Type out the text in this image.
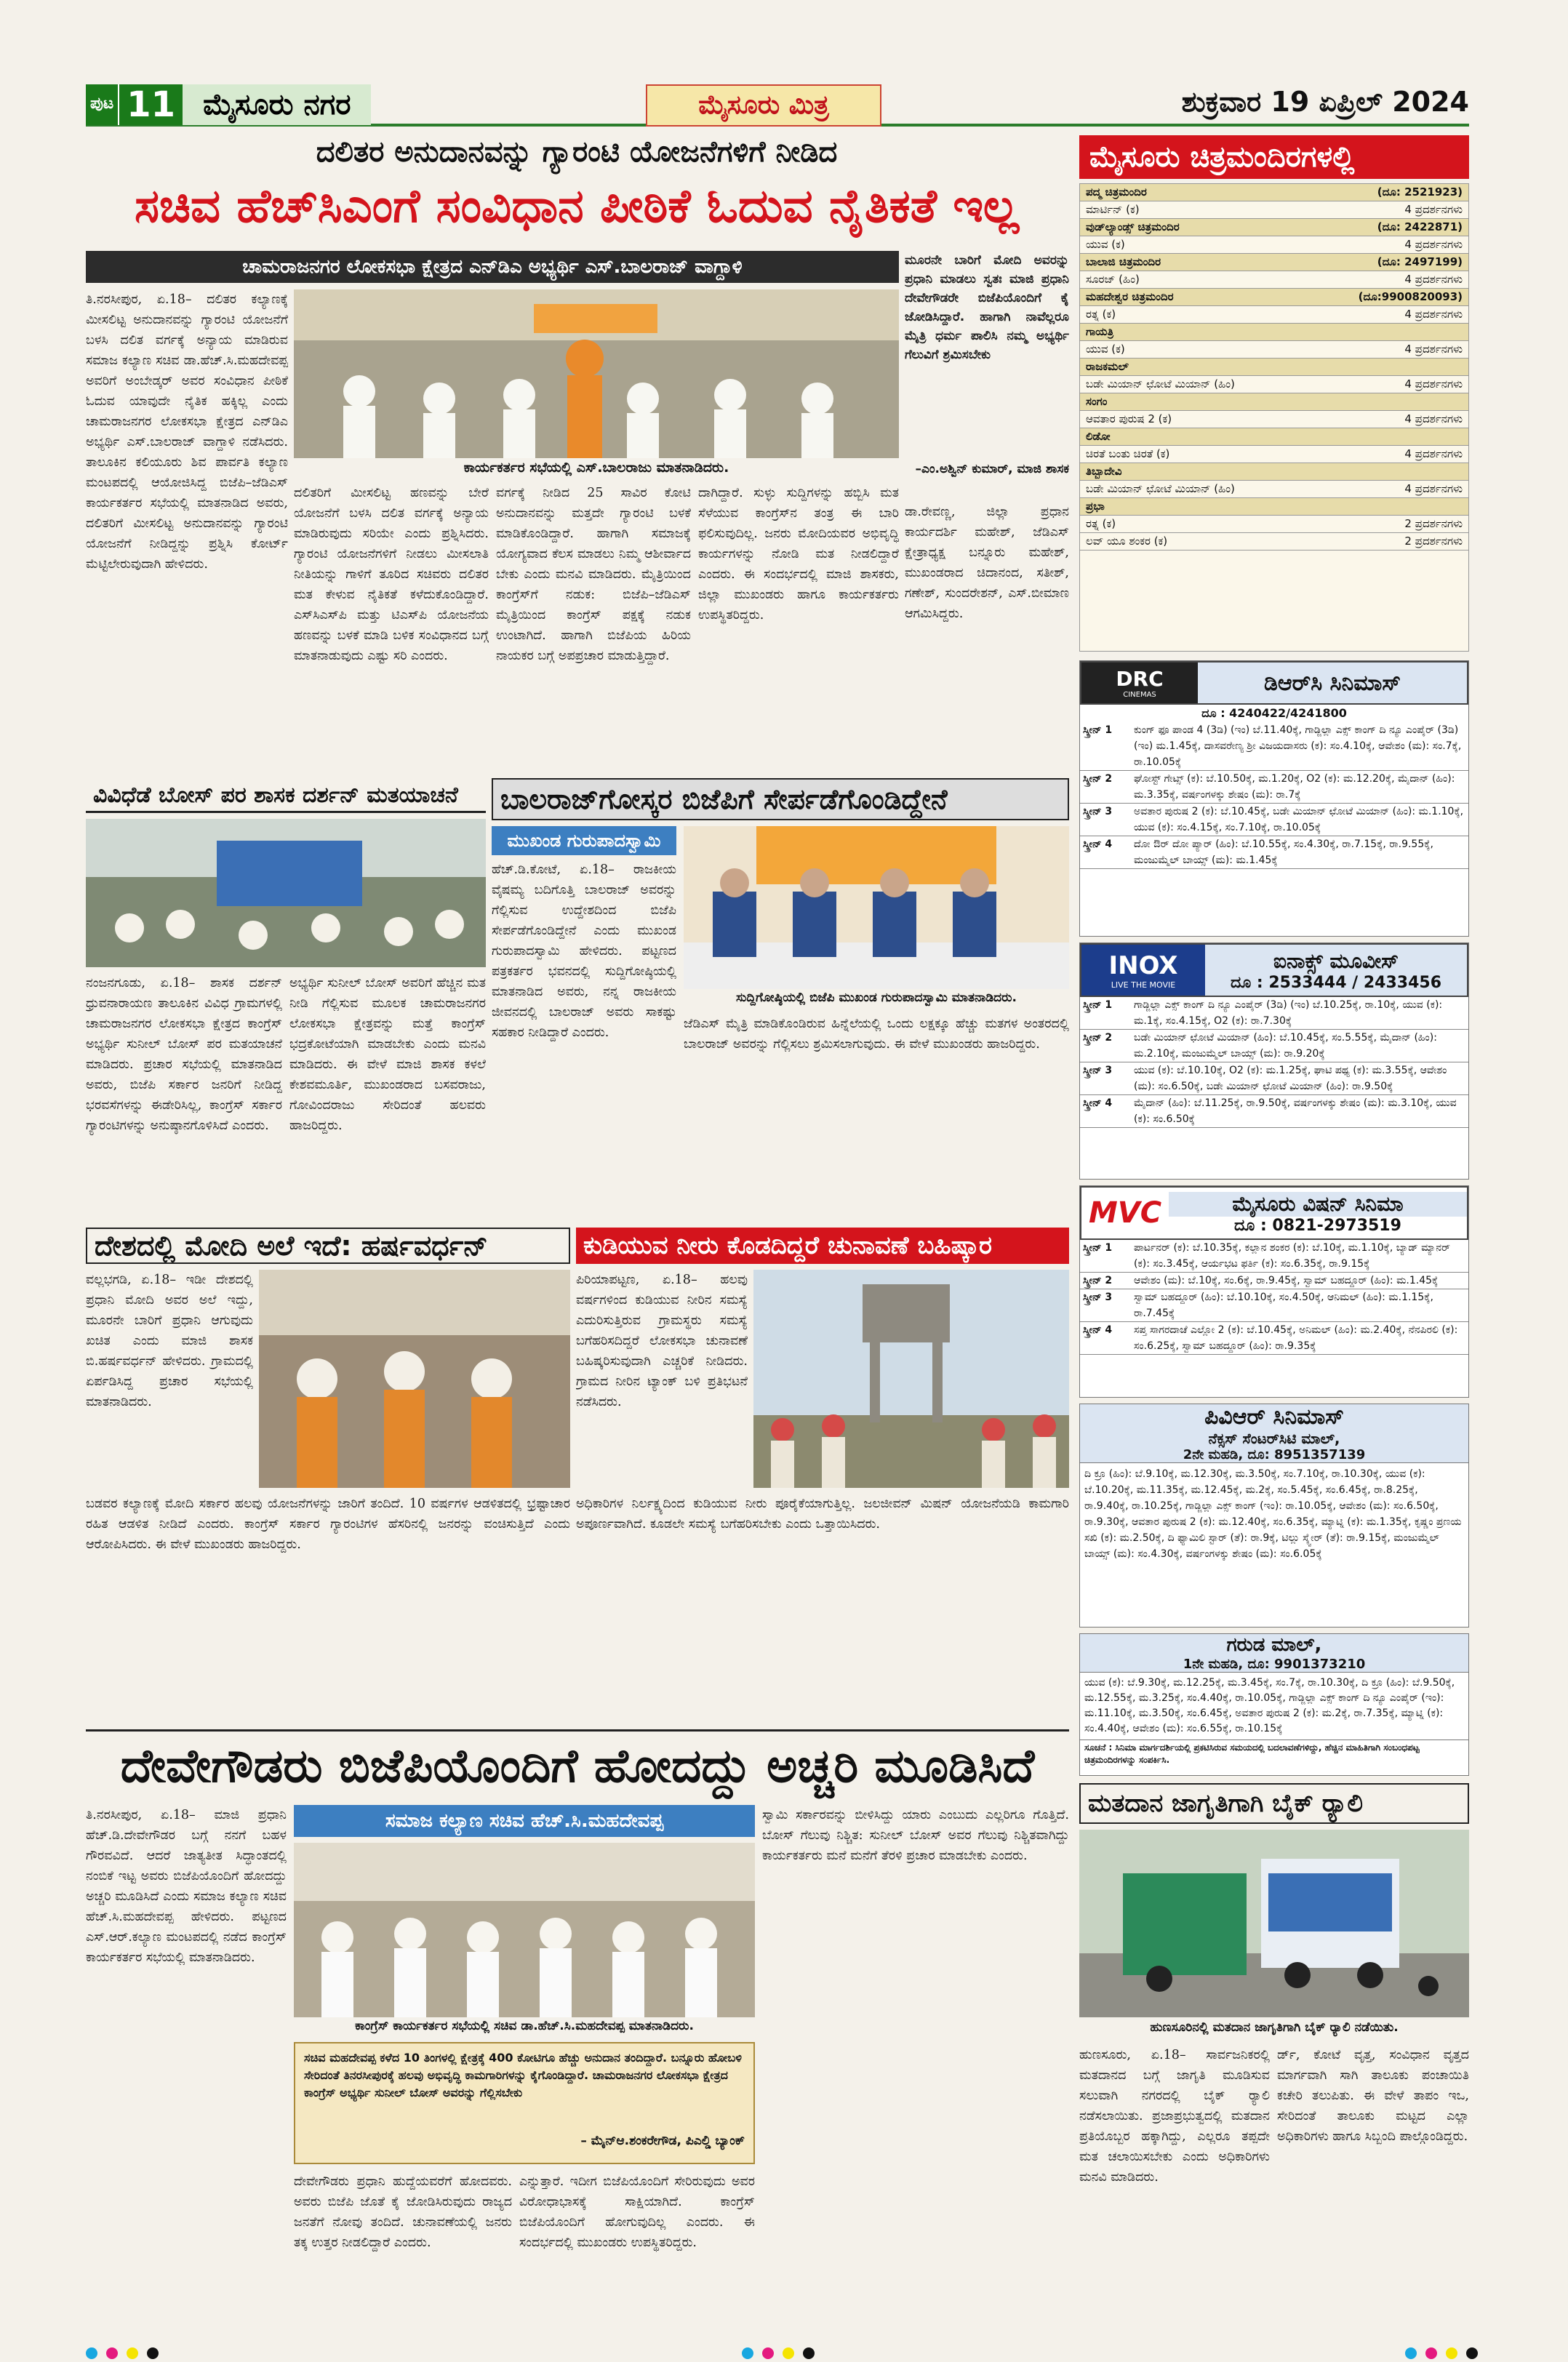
ಪುಟ 11 ಮೈಸೂರು ನಗರ	ಮೈಸೂರು ಮಿತ್ರ	ಶುಕ್ರವಾರ 19 ಏಪ್ರಿಲ್ 2024
ದಲಿತರ ಅನುದಾನವನ್ನು ಗ್ಯಾರಂಟಿ ಯೋಜನೆಗಳಿಗೆ ನೀಡಿದ
ಸಚಿವ ಹೆಚ್‌ಸಿಎಂಗೆ ಸಂವಿಧಾನ ಪೀಠಿಕೆ ಓದುವ ನೈತಿಕತೆ ಇಲ್ಲ
ಚಾಮರಾಜನಗರ ಲೋಕಸಭಾ ಕ್ಷೇತ್ರದ ಎನ್‌ಡಿಎ ಅಭ್ಯರ್ಥಿ ಎಸ್.ಬಾಲರಾಜ್ ವಾಗ್ದಾಳಿ
ತಿ.ನರಸೀಪುರ, ಏ.18– ದಲಿತರ ಕಲ್ಯಾಣಕ್ಕೆ ಮೀಸಲಿಟ್ಟ ಅನುದಾನವನ್ನು ಗ್ಯಾರಂಟಿ ಯೋಜನೆಗೆ ಬಳಸಿ ದಲಿತ ವರ್ಗಕ್ಕೆ ಅನ್ಯಾಯ ಮಾಡಿರುವ ಸಮಾಜ ಕಲ್ಯಾಣ ಸಚಿವ ಡಾ.ಹೆಚ್.ಸಿ.ಮಹದೇವಪ್ಪ ಅವರಿಗೆ ಅಂಬೇಡ್ಕರ್ ಅವರ ಸಂವಿಧಾನ ಪೀಠಿಕೆ ಓದುವ ಯಾವುದೇ ನೈತಿಕ ಹಕ್ಕಿಲ್ಲ ಎಂದು ಚಾಮರಾಜನಗರ ಲೋಕಸಭಾ ಕ್ಷೇತ್ರದ ಎನ್‌ಡಿಎ ಅಭ್ಯರ್ಥಿ ಎಸ್.ಬಾಲರಾಜ್ ವಾಗ್ದಾಳಿ ನಡೆಸಿದರು. ತಾಲೂಕಿನ ಕಲಿಯೂರು ಶಿವ ಪಾರ್ವತಿ ಕಲ್ಯಾಣ ಮಂಟಪದಲ್ಲಿ ಆಯೋಜಿಸಿದ್ದ ಬಿಜೆಪಿ–ಜೆಡಿಎಸ್ ಕಾರ್ಯಕರ್ತರ ಸಭೆಯಲ್ಲಿ ಮಾತನಾಡಿದ ಅವರು, ದಲಿತರಿಗೆ ಮೀಸಲಿಟ್ಟ ಅನುದಾನವನ್ನು ಗ್ಯಾರಂಟಿ ಯೋಜನೆಗೆ ನೀಡಿದ್ದನ್ನು ಪ್ರಶ್ನಿಸಿ ಕೋರ್ಟ್ ಮೆಟ್ಟಿಲೇರುವುದಾಗಿ ಹೇಳಿದರು.
ಕಾರ್ಯಕರ್ತರ ಸಭೆಯಲ್ಲಿ ಎಸ್.ಬಾಲರಾಜು ಮಾತನಾಡಿದರು.
ದಲಿತರಿಗೆ ಮೀಸಲಿಟ್ಟ ಹಣವನ್ನು ಬೇರೆ ಯೋಜನೆಗೆ ಬಳಸಿ ದಲಿತ ವರ್ಗಕ್ಕೆ ಅನ್ಯಾಯ ಮಾಡಿರುವುದು ಸರಿಯೇ ಎಂದು ಪ್ರಶ್ನಿಸಿದರು. ಗ್ಯಾರಂಟಿ ಯೋಜನೆಗಳಿಗೆ ನೀಡಲು ಮೀಸಲಾತಿ ನೀತಿಯನ್ನು ಗಾಳಿಗೆ ತೂರಿದ ಸಚಿವರು ದಲಿತರ ಮತ ಕೇಳುವ ನೈತಿಕತೆ ಕಳೆದುಕೊಂಡಿದ್ದಾರೆ. ಎಸ್‌ಸಿಎಸ್‌ಪಿ ಮತ್ತು ಟಿಎಸ್‌ಪಿ ಯೋಜನೆಯ ಹಣವನ್ನು ಬಳಕೆ ಮಾಡಿ ಬಳಿಕ ಸಂವಿಧಾನದ ಬಗ್ಗೆ ಮಾತನಾಡುವುದು ಎಷ್ಟು ಸರಿ ಎಂದರು.
ವರ್ಗಕ್ಕೆ ನೀಡಿದ 25 ಸಾವಿರ ಕೋಟಿ ಅನುದಾನವನ್ನು ಮತ್ತದೇ ಗ್ಯಾರಂಟಿ ಬಳಕೆ ಮಾಡಿಕೊಂಡಿದ್ದಾರೆ. ಹಾಗಾಗಿ ಸಮಾಜಕ್ಕೆ ಯೋಗ್ಯವಾದ ಕೆಲಸ ಮಾಡಲು ನಿಮ್ಮ ಆಶೀರ್ವಾದ ಬೇಕು ಎಂದು ಮನವಿ ಮಾಡಿದರು. ಮೈತ್ರಿಯಿಂದ ಕಾಂಗ್ರೆಸ್‌ಗೆ ನಡುಕ: ಬಿಜೆಪಿ–ಜೆಡಿಎಸ್ ಮೈತ್ರಿಯಿಂದ ಕಾಂಗ್ರೆಸ್ ಪಕ್ಷಕ್ಕೆ ನಡುಕ ಉಂಟಾಗಿದೆ. ಹಾಗಾಗಿ ಬಿಜೆಪಿಯ ಹಿರಿಯ ನಾಯಕರ ಬಗ್ಗೆ ಅಪಪ್ರಚಾರ ಮಾಡುತ್ತಿದ್ದಾರೆ.
ದಾಗಿದ್ದಾರೆ. ಸುಳ್ಳು ಸುದ್ದಿಗಳನ್ನು ಹಬ್ಬಿಸಿ ಮತ ಸೆಳೆಯುವ ಕಾಂಗ್ರೆಸ್‌ನ ತಂತ್ರ ಈ ಬಾರಿ ಫಲಿಸುವುದಿಲ್ಲ. ಜನರು ಮೋದಿಯವರ ಅಭಿವೃದ್ಧಿ ಕಾರ್ಯಗಳನ್ನು ನೋಡಿ ಮತ ನೀಡಲಿದ್ದಾರೆ ಎಂದರು. ಈ ಸಂದರ್ಭದಲ್ಲಿ ಮಾಜಿ ಶಾಸಕರು, ಜಿಲ್ಲಾ ಮುಖಂಡರು ಹಾಗೂ ಕಾರ್ಯಕರ್ತರು ಉಪಸ್ಥಿತರಿದ್ದರು.
ಮೂರನೇ ಬಾರಿಗೆ ಮೋದಿ ಅವರನ್ನು ಪ್ರಧಾನಿ ಮಾಡಲು ಸ್ವತಃ ಮಾಜಿ ಪ್ರಧಾನಿ ದೇವೇಗೌಡರೇ ಬಿಜೆಪಿಯೊಂದಿಗೆ ಕೈ ಜೋಡಿಸಿದ್ದಾರೆ. ಹಾಗಾಗಿ ನಾವೆಲ್ಲರೂ ಮೈತ್ರಿ ಧರ್ಮ ಪಾಲಿಸಿ ನಮ್ಮ ಅಭ್ಯರ್ಥಿ ಗೆಲುವಿಗೆ ಶ್ರಮಿಸಬೇಕು
–ಎಂ.ಅಶ್ವಿನ್ ಕುಮಾರ್, ಮಾಜಿ ಶಾಸಕ
ಡಾ.ರೇವಣ್ಣ, ಜಿಲ್ಲಾ ಪ್ರಧಾನ ಕಾರ್ಯದರ್ಶಿ ಮಹೇಶ್, ಜೆಡಿಎಸ್ ಕ್ಷೇತ್ರಾಧ್ಯಕ್ಷ ಬನ್ನೂರು ಮಹೇಶ್, ಮುಖಂಡರಾದ ಚಿದಾನಂದ, ಸತೀಶ್, ಗಣೇಶ್, ಸುಂದರೇಶನ್, ಎಸ್.ಬೀಮಾಣ ಆಗಮಿಸಿದ್ದರು.
ವಿವಿಧೆಡೆ ಬೋಸ್ ಪರ ಶಾಸಕ ದರ್ಶನ್ ಮತಯಾಚನೆ
ನಂಜನಗೂಡು, ಏ.18– ಶಾಸಕ ದರ್ಶನ್ ಧ್ರುವನಾರಾಯಣ ತಾಲೂಕಿನ ವಿವಿಧ ಗ್ರಾಮಗಳಲ್ಲಿ ಚಾಮರಾಜನಗರ ಲೋಕಸಭಾ ಕ್ಷೇತ್ರದ ಕಾಂಗ್ರೆಸ್ ಅಭ್ಯರ್ಥಿ ಸುನೀಲ್ ಬೋಸ್ ಪರ ಮತಯಾಚನೆ ಮಾಡಿದರು. ಪ್ರಚಾರ ಸಭೆಯಲ್ಲಿ ಮಾತನಾಡಿದ ಅವರು, ಬಿಜೆಪಿ ಸರ್ಕಾರ ಜನರಿಗೆ ನೀಡಿದ್ದ ಭರವಸೆಗಳನ್ನು ಈಡೇರಿಸಿಲ್ಲ, ಕಾಂಗ್ರೆಸ್ ಸರ್ಕಾರ ಗ್ಯಾರಂಟಿಗಳನ್ನು ಅನುಷ್ಠಾನಗೊಳಿಸಿದೆ ಎಂದರು.
ಅಭ್ಯರ್ಥಿ ಸುನೀಲ್ ಬೋಸ್ ಅವರಿಗೆ ಹೆಚ್ಚಿನ ಮತ ನೀಡಿ ಗೆಲ್ಲಿಸುವ ಮೂಲಕ ಚಾಮರಾಜನಗರ ಲೋಕಸಭಾ ಕ್ಷೇತ್ರವನ್ನು ಮತ್ತೆ ಕಾಂಗ್ರೆಸ್ ಭದ್ರಕೋಟೆಯಾಗಿ ಮಾಡಬೇಕು ಎಂದು ಮನವಿ ಮಾಡಿದರು. ಈ ವೇಳೆ ಮಾಜಿ ಶಾಸಕ ಕಳಲೆ ಕೇಶವಮೂರ್ತಿ, ಮುಖಂಡರಾದ ಬಸವರಾಜು, ಗೋವಿಂದರಾಜು ಸೇರಿದಂತೆ ಹಲವರು ಹಾಜರಿದ್ದರು.
ಬಾಲರಾಜ್‌ಗೋಸ್ಕರ ಬಿಜೆಪಿಗೆ ಸೇರ್ಪಡೆಗೊಂಡಿದ್ದೇನೆ
ಮುಖಂಡ ಗುರುಪಾದಸ್ವಾಮಿ
ಹೆಚ್.ಡಿ.ಕೋಟೆ, ಏ.18– ರಾಜಕೀಯ ವೈಷಮ್ಯ ಬದಿಗೊತ್ತಿ ಬಾಲರಾಜ್ ಅವರನ್ನು ಗೆಲ್ಲಿಸುವ ಉದ್ದೇಶದಿಂದ ಬಿಜೆಪಿ ಸೇರ್ಪಡೆಗೊಂಡಿದ್ದೇನೆ ಎಂದು ಮುಖಂಡ ಗುರುಪಾದಸ್ವಾಮಿ ಹೇಳಿದರು. ಪಟ್ಟಣದ ಪತ್ರಕರ್ತರ ಭವನದಲ್ಲಿ ಸುದ್ದಿಗೋಷ್ಠಿಯಲ್ಲಿ ಮಾತನಾಡಿದ ಅವರು, ನನ್ನ ರಾಜಕೀಯ ಜೀವನದಲ್ಲಿ ಬಾಲರಾಜ್ ಅವರು ಸಾಕಷ್ಟು ಸಹಕಾರ ನೀಡಿದ್ದಾರೆ ಎಂದರು.
ಸುದ್ದಿಗೋಷ್ಠಿಯಲ್ಲಿ ಬಿಜೆಪಿ ಮುಖಂಡ ಗುರುಪಾದಸ್ವಾಮಿ ಮಾತನಾಡಿದರು.
ಜೆಡಿಎಸ್ ಮೈತ್ರಿ ಮಾಡಿಕೊಂಡಿರುವ ಹಿನ್ನೆಲೆಯಲ್ಲಿ ಒಂದು ಲಕ್ಷಕ್ಕೂ ಹೆಚ್ಚು ಮತಗಳ ಅಂತರದಲ್ಲಿ ಬಾಲರಾಜ್ ಅವರನ್ನು ಗೆಲ್ಲಿಸಲು ಶ್ರಮಿಸಲಾಗುವುದು. ಈ ವೇಳೆ ಮುಖಂಡರು ಹಾಜರಿದ್ದರು.
ದೇಶದಲ್ಲಿ ಮೋದಿ ಅಲೆ ಇದೆ: ಹರ್ಷವರ್ಧನ್
ವಲ್ಲಭಗಡಿ, ಏ.18– ಇಡೀ ದೇಶದಲ್ಲಿ ಪ್ರಧಾನಿ ಮೋದಿ ಅವರ ಅಲೆ ಇದ್ದು, ಮೂರನೇ ಬಾರಿಗೆ ಪ್ರಧಾನಿ ಆಗುವುದು ಖಚಿತ ಎಂದು ಮಾಜಿ ಶಾಸಕ ಬಿ.ಹರ್ಷವರ್ಧನ್ ಹೇಳಿದರು. ಗ್ರಾಮದಲ್ಲಿ ಏರ್ಪಡಿಸಿದ್ದ ಪ್ರಚಾರ ಸಭೆಯಲ್ಲಿ ಮಾತನಾಡಿದರು.
ಬಡವರ ಕಲ್ಯಾಣಕ್ಕೆ ಮೋದಿ ಸರ್ಕಾರ ಹಲವು ಯೋಜನೆಗಳನ್ನು ಜಾರಿಗೆ ತಂದಿದೆ. 10 ವರ್ಷಗಳ ಆಡಳಿತದಲ್ಲಿ ಭ್ರಷ್ಟಾಚಾರ ರಹಿತ ಆಡಳಿತ ನೀಡಿದೆ ಎಂದರು. ಕಾಂಗ್ರೆಸ್ ಸರ್ಕಾರ ಗ್ಯಾರಂಟಿಗಳ ಹೆಸರಿನಲ್ಲಿ ಜನರನ್ನು ವಂಚಿಸುತ್ತಿದೆ ಎಂದು ಆರೋಪಿಸಿದರು. ಈ ವೇಳೆ ಮುಖಂಡರು ಹಾಜರಿದ್ದರು.
ಕುಡಿಯುವ ನೀರು ಕೊಡದಿದ್ದರೆ ಚುನಾವಣೆ ಬಹಿಷ್ಕಾರ
ಪಿರಿಯಾಪಟ್ಟಣ, ಏ.18– ಹಲವು ವರ್ಷಗಳಿಂದ ಕುಡಿಯುವ ನೀರಿನ ಸಮಸ್ಯೆ ಎದುರಿಸುತ್ತಿರುವ ಗ್ರಾಮಸ್ಥರು ಸಮಸ್ಯೆ ಬಗೆಹರಿಸದಿದ್ದರೆ ಲೋಕಸಭಾ ಚುನಾವಣೆ ಬಹಿಷ್ಕರಿಸುವುದಾಗಿ ಎಚ್ಚರಿಕೆ ನೀಡಿದರು. ಗ್ರಾಮದ ನೀರಿನ ಟ್ಯಾಂಕ್ ಬಳಿ ಪ್ರತಿಭಟನೆ ನಡೆಸಿದರು.
ಅಧಿಕಾರಿಗಳ ನಿರ್ಲಕ್ಷ್ಯದಿಂದ ಕುಡಿಯುವ ನೀರು ಪೂರೈಕೆಯಾಗುತ್ತಿಲ್ಲ. ಜಲಜೀವನ್ ಮಿಷನ್ ಯೋಜನೆಯಡಿ ಕಾಮಗಾರಿ ಅಪೂರ್ಣವಾಗಿದೆ. ಕೂಡಲೇ ಸಮಸ್ಯೆ ಬಗೆಹರಿಸಬೇಕು ಎಂದು ಒತ್ತಾಯಿಸಿದರು.
ದೇವೇಗೌಡರು ಬಿಜೆಪಿಯೊಂದಿಗೆ ಹೋದದ್ದು ಅಚ್ಚರಿ ಮೂಡಿಸಿದೆ
ತಿ.ನರಸೀಪುರ, ಏ.18– ಮಾಜಿ ಪ್ರಧಾನಿ ಹೆಚ್.ಡಿ.ದೇವೇಗೌಡರ ಬಗ್ಗೆ ನನಗೆ ಬಹಳ ಗೌರವವಿದೆ. ಆದರೆ ಜಾತ್ಯತೀತ ಸಿದ್ಧಾಂತದಲ್ಲಿ ನಂಬಿಕೆ ಇಟ್ಟ ಅವರು ಬಿಜೆಪಿಯೊಂದಿಗೆ ಹೋದದ್ದು ಅಚ್ಚರಿ ಮೂಡಿಸಿದೆ ಎಂದು ಸಮಾಜ ಕಲ್ಯಾಣ ಸಚಿವ ಹೆಚ್.ಸಿ.ಮಹದೇವಪ್ಪ ಹೇಳಿದರು. ಪಟ್ಟಣದ ಎಸ್.ಆರ್.ಕಲ್ಯಾಣ ಮಂಟಪದಲ್ಲಿ ನಡೆದ ಕಾಂಗ್ರೆಸ್ ಕಾರ್ಯಕರ್ತರ ಸಭೆಯಲ್ಲಿ ಮಾತನಾಡಿದರು.
ಸಮಾಜ ಕಲ್ಯಾಣ ಸಚಿವ ಹೆಚ್.ಸಿ.ಮಹದೇವಪ್ಪ
ಕಾಂಗ್ರೆಸ್ ಕಾರ್ಯಕರ್ತರ ಸಭೆಯಲ್ಲಿ ಸಚಿವ ಡಾ.ಹೆಚ್.ಸಿ.ಮಹದೇವಪ್ಪ ಮಾತನಾಡಿದರು.
ಸಚಿವ ಮಹದೇವಪ್ಪ ಕಳೆದ 10 ತಿಂಗಳಲ್ಲಿ ಕ್ಷೇತ್ರಕ್ಕೆ 400 ಕೋಟಿಗೂ ಹೆಚ್ಚು ಅನುದಾನ ತಂದಿದ್ದಾರೆ. ಬನ್ನೂರು ಹೋಬಳಿ ಸೇರಿದಂತೆ ತಿನರಸೀಪುರಕ್ಕೆ ಹಲವು ಅಭಿವೃದ್ಧಿ ಕಾಮಗಾರಿಗಳನ್ನು ಕೈಗೊಂಡಿದ್ದಾರೆ. ಚಾಮರಾಜನಗರ ಲೋಕಸಭಾ ಕ್ಷೇತ್ರದ ಕಾಂಗ್ರೆಸ್ ಅಭ್ಯರ್ಥಿ ಸುನೀಲ್ ಬೋಸ್ ಅವರನ್ನು ಗೆಲ್ಲಿಸಬೇಕು
– ಮೈನ್ಆ.ಶಂಕರೇಗೌಡ, ಪಿಎಲ್ಡಿ ಬ್ಯಾಂಕ್
ದೇವೇಗೌಡರು ಪ್ರಧಾನಿ ಹುದ್ದೆಯವರೆಗೆ ಹೋದವರು. ಅವರು ಬಿಜೆಪಿ ಜೊತೆ ಕೈ ಜೋಡಿಸಿರುವುದು ರಾಜ್ಯದ ಜನತೆಗೆ ನೋವು ತಂದಿದೆ. ಚುನಾವಣೆಯಲ್ಲಿ ಜನರು ತಕ್ಕ ಉತ್ತರ ನೀಡಲಿದ್ದಾರೆ ಎಂದರು.
ಎನ್ನುತ್ತಾರೆ. ಇದೀಗ ಬಿಜೆಪಿಯೊಂದಿಗೆ ಸೇರಿರುವುದು ಅವರ ವಿರೋಧಾಭಾಸಕ್ಕೆ ಸಾಕ್ಷಿಯಾಗಿದೆ. ಕಾಂಗ್ರೆಸ್ ಬಿಜೆಪಿಯೊಂದಿಗೆ ಹೋಗುವುದಿಲ್ಲ ಎಂದರು. ಈ ಸಂದರ್ಭದಲ್ಲಿ ಮುಖಂಡರು ಉಪಸ್ಥಿತರಿದ್ದರು.
ಸ್ವಾಮಿ ಸರ್ಕಾರವನ್ನು ಬೀಳಿಸಿದ್ದು ಯಾರು ಎಂಬುದು ಎಲ್ಲರಿಗೂ ಗೊತ್ತಿದೆ. ಬೋಸ್ ಗೆಲುವು ನಿಶ್ಚಿತ: ಸುನೀಲ್ ಬೋಸ್ ಅವರ ಗೆಲುವು ನಿಶ್ಚಿತವಾಗಿದ್ದು ಕಾರ್ಯಕರ್ತರು ಮನೆ ಮನೆಗೆ ತೆರಳಿ ಪ್ರಚಾರ ಮಾಡಬೇಕು ಎಂದರು.
ಮೈಸೂರು ಚಿತ್ರಮಂದಿರಗಳಲ್ಲಿ
ಪದ್ಮ ಚಿತ್ರಮಂದಿರ	(ದೂ: 2521923)
ಮಾರ್ಟಿನ್ (ಕ)	4 ಪ್ರದರ್ಶನಗಳು
ವುಡ್‌ಲ್ಯಾಂಡ್ಸ್ ಚಿತ್ರಮಂದಿರ	(ದೂ: 2422871)
ಯುವ (ಕ)	4 ಪ್ರದರ್ಶನಗಳು
ಬಾಲಾಜಿ ಚಿತ್ರಮಂದಿರ	(ದೂ: 2497199)
ಸೂರಜ್ (ಹಿಂ)	4 ಪ್ರದರ್ಶನಗಳು
ಮಹದೇಶ್ವರ ಚಿತ್ರಮಂದಿರ	(ದೂ:9900820093)
ರತ್ನ (ಕ)	4 ಪ್ರದರ್ಶನಗಳು
ಗಾಯತ್ರಿ
ಯುವ (ಕ)	4 ಪ್ರದರ್ಶನಗಳು
ರಾಜಕಮಲ್
ಬಡೇ ಮಿಯಾನ್ ಛೋಟೆ ಮಿಯಾನ್ (ಹಿಂ)	4 ಪ್ರದರ್ಶನಗಳು
ಸಂಗಂ
ಆವತಾರ ಪುರುಷ 2 (ಕ)	4 ಪ್ರದರ್ಶನಗಳು
ಲಿಡೋ
ಚಿರತೆ ಬಂತು ಚಿರತೆ (ಕ)	4 ಪ್ರದರ್ಶನಗಳು
ತಿಬ್ಬಾದೇವಿ
ಬಡೇ ಮಿಯಾನ್ ಛೋಟೆ ಮಿಯಾನ್ (ಹಿಂ)	4 ಪ್ರದರ್ಶನಗಳು
ಪ್ರಭಾ
ರತ್ನ (ಕ)	2 ಪ್ರದರ್ಶನಗಳು
ಲವ್ ಯೂ ಶಂಕರ (ಕ)	2 ಪ್ರದರ್ಶನಗಳು
DRC
CINEMAS	ಡಿಆರ್‌ಸಿ ಸಿನಿಮಾಸ್
ದೂ : 4240422/4241800
ಸ್ಕ್ರೀನ್ 1	ಕುಂಗ್ ಫೂ ಪಾಂಡ 4 (3ಡಿ) (ಇಂ) ಬೆ.11.40ಕ್ಕೆ, ಗಾಡ್ಜಿಲ್ಲಾ ಎಕ್ಸ್ ಕಾಂಗ್ ದಿ ನ್ಯೂ ಎಂಪೈರ್ (3ಡಿ) (ಇಂ) ಮ.1.45ಕ್ಕೆ, ದಾಸವರೇಣ್ಯ ಶ್ರೀ ವಿಜಯದಾಸರು (ಕ): ಸಂ.4.10ಕ್ಕೆ, ಆವೇಶಂ (ಮ): ಸಂ.7ಕ್ಕೆ, ರಾ.10.05ಕ್ಕೆ
ಸ್ಕ್ರೀನ್ 2	ಘೋಸ್ಟ್ ಗೇಟ್ಸ್ (ಕ): ಬೆ.10.50ಕ್ಕೆ, ಮ.1.20ಕ್ಕೆ, O2 (ಕ): ಮ.12.20ಕ್ಕೆ, ಮೈದಾನ್ (ಹಿಂ): ಮ.3.35ಕ್ಕೆ, ವರ್ಷಂಗಳಕ್ಕು ಶೇಷಂ (ಮ): ರಾ.7ಕ್ಕೆ
ಸ್ಕ್ರೀನ್ 3	ಅವತಾರ ಪುರುಷ 2 (ಕ): ಬೆ.10.45ಕ್ಕೆ, ಬಡೇ ಮಿಯಾನ್ ಛೋಟೆ ಮಿಯಾನ್ (ಹಿಂ): ಮ.1.10ಕ್ಕೆ, ಯುವ (ಕ): ಸಂ.4.15ಕ್ಕೆ, ಸಂ.7.10ಕ್ಕೆ, ರಾ.10.05ಕ್ಕೆ
ಸ್ಕ್ರೀನ್ 4	ದೋ ಔರ್ ದೋ ಪ್ಯಾರ್ (ಹಿಂ): ಬೆ.10.55ಕ್ಕೆ, ಸಂ.4.30ಕ್ಕೆ, ರಾ.7.15ಕ್ಕೆ, ರಾ.9.55ಕ್ಕೆ, ಮಂಜುಮ್ಮೆಲ್ ಬಾಯ್ಸ್ (ಮ): ಮ.1.45ಕ್ಕೆ
INOX
LIVE THE MOVIE
ಐನಾಕ್ಸ್ ಮೂವೀಸ್
ದೂ : 2533444 / 2433456
ಸ್ಕ್ರೀನ್ 1	ಗಾಡ್ಜಿಲ್ಲಾ ಎಕ್ಸ್ ಕಾಂಗ್ ದಿ ನ್ಯೂ ಎಂಪೈರ್ (3ಡಿ) (ಇಂ) ಬೆ.10.25ಕ್ಕೆ, ರಾ.10ಕ್ಕೆ, ಯುವ (ಕ): ಮ.1ಕ್ಕೆ, ಸಂ.4.15ಕ್ಕೆ, O2 (ಕ): ರಾ.7.30ಕ್ಕೆ
ಸ್ಕ್ರೀನ್ 2	ಬಡೇ ಮಿಯಾನ್ ಛೋಟೆ ಮಿಯಾನ್ (ಹಿಂ): ಬೆ.10.45ಕ್ಕೆ, ಸಂ.5.55ಕ್ಕೆ, ಮೈದಾನ್ (ಹಿಂ): ಮ.2.10ಕ್ಕೆ, ಮಂಜುಮ್ಮೆಲ್ ಬಾಯ್ಸ್ (ಮ): ರಾ.9.20ಕ್ಕೆ
ಸ್ಕ್ರೀನ್ 3	ಯುವ (ಕ): ಬೆ.10.10ಕ್ಕೆ, O2 (ಕ): ಮ.1.25ಕ್ಕೆ, ಘಾಟಿ ಪಥ್ಯ (ಕ): ಮ.3.55ಕ್ಕೆ, ಆವೇಶಂ (ಮ): ಸಂ.6.50ಕ್ಕೆ, ಬಡೇ ಮಿಯಾನ್ ಛೋಟೆ ಮಿಯಾನ್ (ಹಿಂ): ರಾ.9.50ಕ್ಕೆ
ಸ್ಕ್ರೀನ್ 4	ಮೈದಾನ್ (ಹಿಂ): ಬೆ.11.25ಕ್ಕೆ, ರಾ.9.50ಕ್ಕೆ, ವರ್ಷಂಗಳಕ್ಕು ಶೇಷಂ (ಮ): ಮ.3.10ಕ್ಕೆ, ಯುವ (ಕ): ಸಂ.6.50ಕ್ಕೆ
MVC	ಮೈಸೂರು ವಿಷನ್ ಸಿನಿಮಾ
ದೂ : 0821-2973519
ಸ್ಕ್ರೀನ್ 1	ಪಾರ್ಟನರ್ (ಕ): ಬೆ.10.35ಕ್ಕೆ, ಕಲ್ಲಾನ ಶಂಕರ (ಕ): ಬೆ.10ಕ್ಕೆ, ಮ.1.10ಕ್ಕೆ, ಬ್ಯಾಡ್ ಮ್ಯಾನರ್ (ಕ): ಸಂ.3.45ಕ್ಕೆ, ಆರ್ಯಭಟ ಫರ್ತಿ (ಕ): ಸಂ.6.35ಕ್ಕೆ, ರಾ.9.15ಕ್ಕೆ
ಸ್ಕ್ರೀನ್ 2	ಆವೇಶಂ (ಮ): ಬೆ.10ಕ್ಕೆ, ಸಂ.6ಕ್ಕೆ, ರಾ.9.45ಕ್ಕೆ, ಸ್ವಾಮ್ ಬಹದ್ದೂರ್ (ಹಿಂ): ಮ.1.45ಕ್ಕೆ
ಸ್ಕ್ರೀನ್ 3	ಸ್ವಾಮ್ ಬಹದ್ದೂರ್ (ಹಿಂ): ಬೆ.10.10ಕ್ಕೆ, ಸಂ.4.50ಕ್ಕೆ, ಆನಿಮಲ್ (ಹಿಂ): ಮ.1.15ಕ್ಕೆ, ರಾ.7.45ಕ್ಕೆ
ಸ್ಕ್ರೀನ್ 4	ಸಪ್ತ ಸಾಗರದಾಚೆ ಎಲ್ಲೋ 2 (ಕ): ಬೆ.10.45ಕ್ಕೆ, ಅನಿಮಲ್ (ಹಿಂ): ಮ.2.40ಕ್ಕೆ, ನೆನಪಿರಲಿ (ಕ): ಸಂ.6.25ಕ್ಕೆ, ಸ್ವಾಮ್ ಬಹದ್ದೂರ್ (ಹಿಂ): ರಾ.9.35ಕ್ಕೆ
ಪಿವಿಆರ್ ಸಿನಿಮಾಸ್
ನೆಕ್ಸಸ್ ಸೆಂಟರ್‌ಸಿಟಿ ಮಾಲ್,
2ನೇ ಮಹಡಿ, ದೂ: 8951357139
ದಿ ಕ್ರೂ (ಹಿಂ): ಬೆ.9.10ಕ್ಕೆ, ಮ.12.30ಕ್ಕೆ, ಮ.3.50ಕ್ಕೆ, ಸಂ.7.10ಕ್ಕೆ, ರಾ.10.30ಕ್ಕೆ, ಯುವ (ಕ): ಬೆ.10.20ಕ್ಕೆ, ಮ.11.35ಕ್ಕೆ, ಮ.12.45ಕ್ಕೆ, ಮ.2ಕ್ಕೆ, ಸಂ.5.45ಕ್ಕೆ, ಸಂ.6.45ಕ್ಕೆ, ರಾ.8.25ಕ್ಕೆ, ರಾ.9.40ಕ್ಕೆ, ರಾ.10.25ಕ್ಕೆ, ಗಾಡ್ಜಿಲ್ಲಾ ಎಕ್ಸ್ ಕಾಂಗ್ (ಇಂ): ರಾ.10.05ಕ್ಕೆ, ಆವೇಶಂ (ಮ): ಸಂ.6.50ಕ್ಕೆ, ರಾ.9.30ಕ್ಕೆ, ಆವತಾರ ಪುರುಷ 2 (ಕ): ಮ.12.40ಕ್ಕೆ, ಸಂ.6.35ಕ್ಕೆ, ಮ್ಯಾಟ್ನಿ (ಕ): ಮ.1.35ಕ್ಕೆ, ಕೃಷ್ಣಂ ಪ್ರಣಯ ಸಖಿ (ಕ): ಮ.2.50ಕ್ಕೆ, ದಿ ಫ್ಯಾಮಿಲಿ ಸ್ಟಾರ್ (ತೆ): ರಾ.9ಕ್ಕೆ, ಟಿಲ್ಲು ಸ್ಕ್ವೇರ್ (ತೆ): ರಾ.9.15ಕ್ಕೆ, ಮಂಜುಮ್ಮೆಲ್ ಬಾಯ್ಸ್ (ಮ): ಸಂ.4.30ಕ್ಕೆ, ವರ್ಷಂಗಳಕ್ಕು ಶೇಷಂ (ಮ): ಸಂ.6.05ಕ್ಕೆ
ಗರುಡ ಮಾಲ್,
1ನೇ ಮಹಡಿ, ದೂ: 9901373210
ಯುವ (ಕ): ಬೆ.9.30ಕ್ಕೆ, ಮ.12.25ಕ್ಕೆ, ಮ.3.45ಕ್ಕೆ, ಸಂ.7ಕ್ಕೆ, ರಾ.10.30ಕ್ಕೆ, ದಿ ಕ್ರೂ (ಹಿಂ): ಬೆ.9.50ಕ್ಕೆ, ಮ.12.55ಕ್ಕೆ, ಮ.3.25ಕ್ಕೆ, ಸಂ.4.40ಕ್ಕೆ, ರಾ.10.05ಕ್ಕೆ, ಗಾಡ್ಜಿಲ್ಲಾ ಎಕ್ಸ್ ಕಾಂಗ್ ದಿ ನ್ಯೂ ಎಂಪೈರ್ (ಇಂ): ಮ.11.10ಕ್ಕೆ, ಮ.3.50ಕ್ಕೆ, ಸಂ.6.45ಕ್ಕೆ, ಅವತಾರ ಪುರುಷ 2 (ಕ): ಮ.2ಕ್ಕೆ, ರಾ.7.35ಕ್ಕೆ, ಮ್ಯಾಟ್ನಿ (ಕ): ಸಂ.4.40ಕ್ಕೆ, ಆವೇಶಂ (ಮ): ಸಂ.6.55ಕ್ಕೆ, ರಾ.10.15ಕ್ಕೆ
ಸೂಚನೆ : ಸಿನಿಮಾ ಮಾರ್ಗದರ್ಶಿಯಲ್ಲಿ ಪ್ರಕಟಿಸಿರುವ ಸಮಯದಲ್ಲಿ ಬದಲಾವಣೆಗಳಿದ್ದು, ಹೆಚ್ಚಿನ ಮಾಹಿತಿಗಾಗಿ ಸಂಬಂಧಪಟ್ಟ ಚಿತ್ರಮಂದಿರಗಳನ್ನು ಸಂಪರ್ಕಿಸಿ.
ಮತದಾನ ಜಾಗೃತಿಗಾಗಿ ಬೈಕ್ ರ್‍ಯಾಲಿ
ಹುಣಸೂರಿನಲ್ಲಿ ಮತದಾನ ಜಾಗೃತಿಗಾಗಿ ಬೈಕ್ ರ್‍ಯಾಲಿ ನಡೆಯಿತು.
ಹುಣಸೂರು, ಏ.18– ಸಾರ್ವಜನಿಕರಲ್ಲಿ ಮತದಾನದ ಬಗ್ಗೆ ಜಾಗೃತಿ ಮೂಡಿಸುವ ಸಲುವಾಗಿ ನಗರದಲ್ಲಿ ಬೈಕ್ ರ್‍ಯಾಲಿ ನಡೆಸಲಾಯಿತು. ಪ್ರಜಾಪ್ರಭುತ್ವದಲ್ಲಿ ಮತದಾನ ಪ್ರತಿಯೊಬ್ಬರ ಹಕ್ಕಾಗಿದ್ದು, ಎಲ್ಲರೂ ತಪ್ಪದೇ ಮತ ಚಲಾಯಿಸಬೇಕು ಎಂದು ಅಧಿಕಾರಿಗಳು ಮನವಿ ಮಾಡಿದರು.
ರ್ಡ್, ಕೋಟೆ ವೃತ್ತ, ಸಂವಿಧಾನ ವೃತ್ತದ ಮಾರ್ಗವಾಗಿ ಸಾಗಿ ತಾಲೂಕು ಪಂಚಾಯಿತಿ ಕಚೇರಿ ತಲುಪಿತು. ಈ ವೇಳೆ ತಾಪಂ ಇಒ, ಸೇರಿದಂತೆ ತಾಲೂಕು ಮಟ್ಟದ ಎಲ್ಲಾ ಅಧಿಕಾರಿಗಳು ಹಾಗೂ ಸಿಬ್ಬಂದಿ ಪಾಲ್ಗೊಂಡಿದ್ದರು.
